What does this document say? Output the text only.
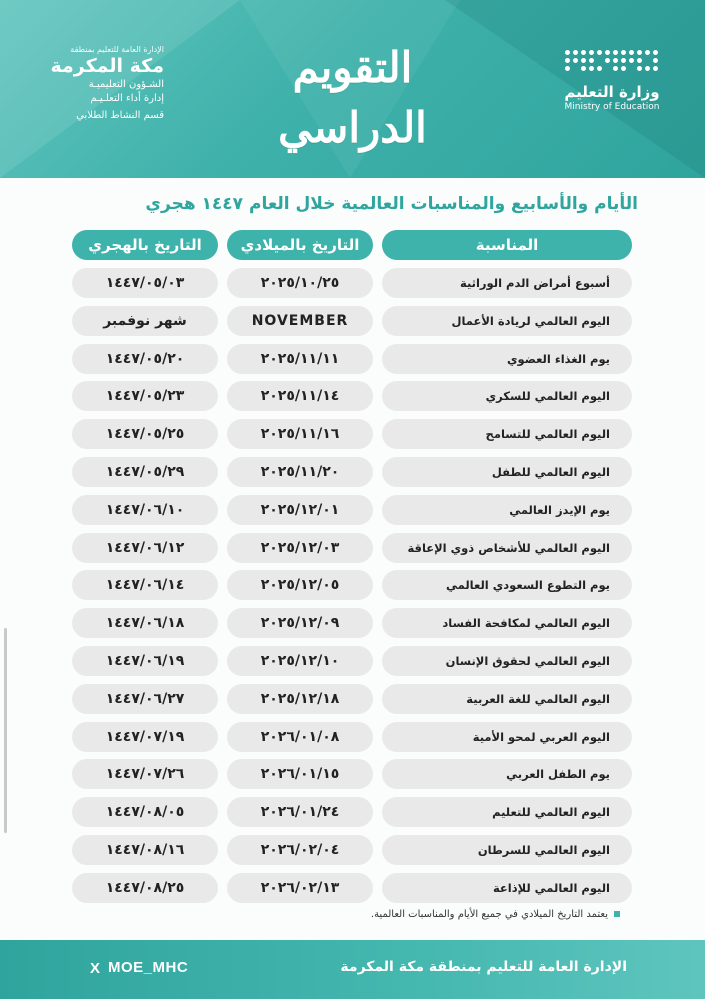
الإدارة العامة للتعليم بمنطقة
مكة المكرمة
الشـؤون التعليميـة
إدارة أداء التعلـيـم
قسم النشاط الطلابي
التقويم الدراسي
وزارة التعليم
Ministry of Education
الأيام والأسابيع والمناسبات العالمية خلال العام ١٤٤٧ هجري
المناسبة
التاريخ بالميلادي
التاريخ بالهجري
أسبوع أمراض الدم الوراثية
٢٠٢٥/١٠/٢٥
١٤٤٧/٠٥/٠٣
اليوم العالمي لريادة الأعمال
NOVEMBER
شهر نوفمبر
يوم الغذاء العضوي
٢٠٢٥/١١/١١
١٤٤٧/٠٥/٢٠
اليوم العالمي للسكري
٢٠٢٥/١١/١٤
١٤٤٧/٠٥/٢٣
اليوم العالمي للتسامح
٢٠٢٥/١١/١٦
١٤٤٧/٠٥/٢٥
اليوم العالمي للطفل
٢٠٢٥/١١/٢٠
١٤٤٧/٠٥/٢٩
يوم الإيدز العالمي
٢٠٢٥/١٢/٠١
١٤٤٧/٠٦/١٠
اليوم العالمي للأشخاص ذوي الإعاقة
٢٠٢٥/١٢/٠٣
١٤٤٧/٠٦/١٢
يوم التطوع السعودي العالمي
٢٠٢٥/١٢/٠٥
١٤٤٧/٠٦/١٤
اليوم العالمي لمكافحة الفساد
٢٠٢٥/١٢/٠٩
١٤٤٧/٠٦/١٨
اليوم العالمي لحقوق الإنسان
٢٠٢٥/١٢/١٠
١٤٤٧/٠٦/١٩
اليوم العالمي للغة العربية
٢٠٢٥/١٢/١٨
١٤٤٧/٠٦/٢٧
اليوم العربي لمحو الأمية
٢٠٢٦/٠١/٠٨
١٤٤٧/٠٧/١٩
يوم الطفل العربي
٢٠٢٦/٠١/١٥
١٤٤٧/٠٧/٢٦
اليوم العالمي للتعليم
٢٠٢٦/٠١/٢٤
١٤٤٧/٠٨/٠٥
اليوم العالمي للسرطان
٢٠٢٦/٠٢/٠٤
١٤٤٧/٠٨/١٦
اليوم العالمي للإذاعة
٢٠٢٦/٠٢/١٣
١٤٤٧/٠٨/٢٥
يعتمد التاريخ الميلادي في جميع الأيام والمناسبات العالمية.
الإدارة العامة للتعليم بمنطقة مكة المكرمة
MOE_MHC
X
